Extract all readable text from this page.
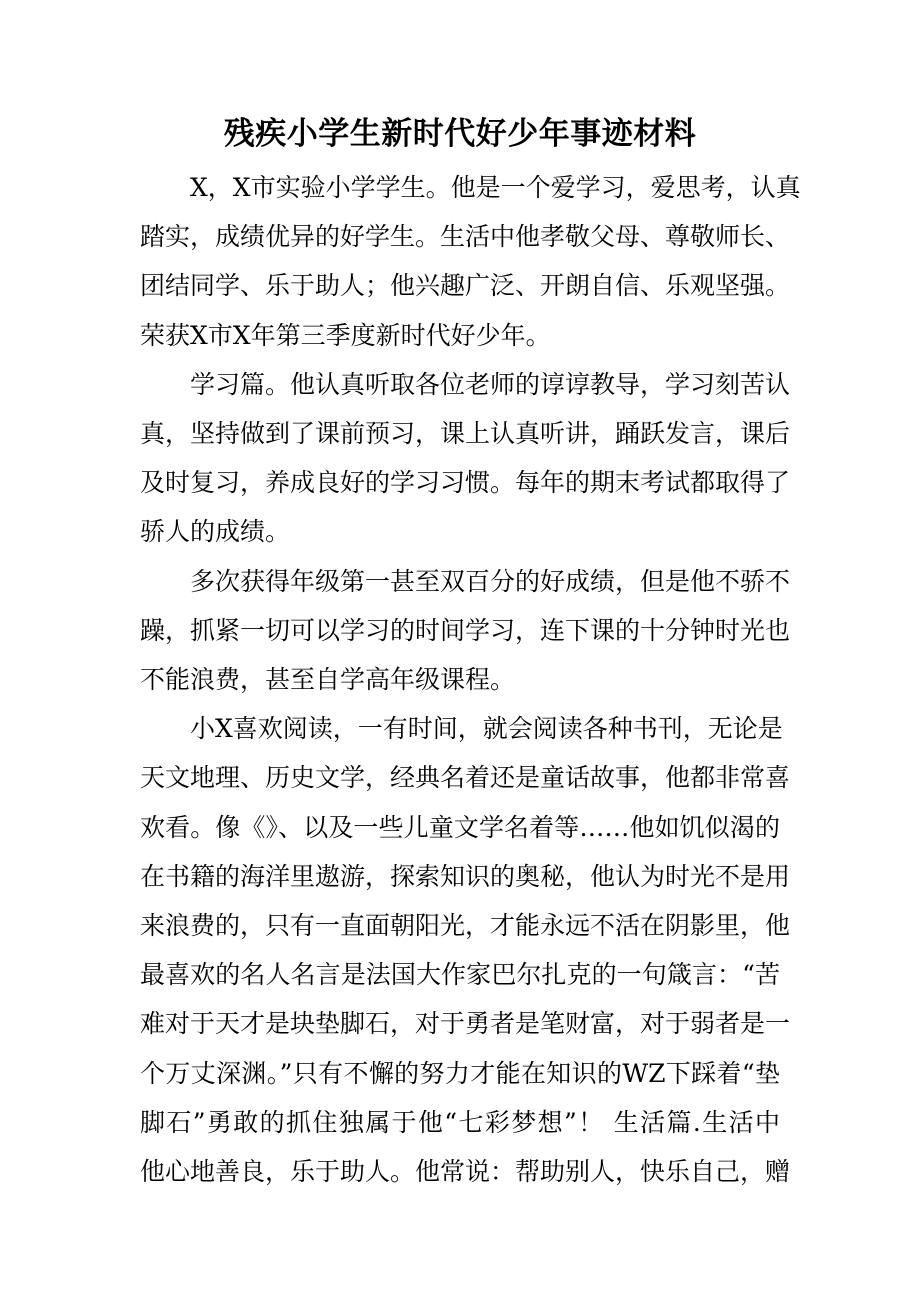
残疾小学生新时代好少年事迹材料

X，X市实验小学学生。他是一个爱学习，爱思考，认真
踏实，成绩优异的好学生。生活中他孝敬父母、尊敬师长、
团结同学、乐于助人；他兴趣广泛、开朗自信、乐观坚强。
荣获X市X年第三季度新时代好少年。

学习篇。他认真听取各位老师的谆谆教导，学习刻苦认
真，坚持做到了课前预习，课上认真听讲，踊跃发言，课后
及时复习，养成良好的学习习惯。每年的期末考试都取得了
骄人的成绩。

多次获得年级第一甚至双百分的好成绩，但是他不骄不
躁，抓紧一切可以学习的时间学习，连下课的十分钟时光也
不能浪费，甚至自学高年级课程。

小X喜欢阅读，一有时间，就会阅读各种书刊，无论是
天文地理、历史文学，经典名着还是童话故事，他都非常喜
欢看。像《》、以及一些儿童文学名着等……他如饥似渴的
在书籍的海洋里遨游，探索知识的奥秘，他认为时光不是用
来浪费的，只有一直面朝阳光，才能永远不活在阴影里，他
最喜欢的名人名言是法国大作家巴尔扎克的一句箴言：“苦
难对于天才是块垫脚石，对于勇者是笔财富，对于弱者是一
个万丈深渊。”只有不懈的努力才能在知识的WZ下踩着“垫
脚石”勇敢的抓住独属于他“七彩梦想”！ 生活篇.生活中
他心地善良，乐于助人。他常说：帮助别人，快乐自己，赠
